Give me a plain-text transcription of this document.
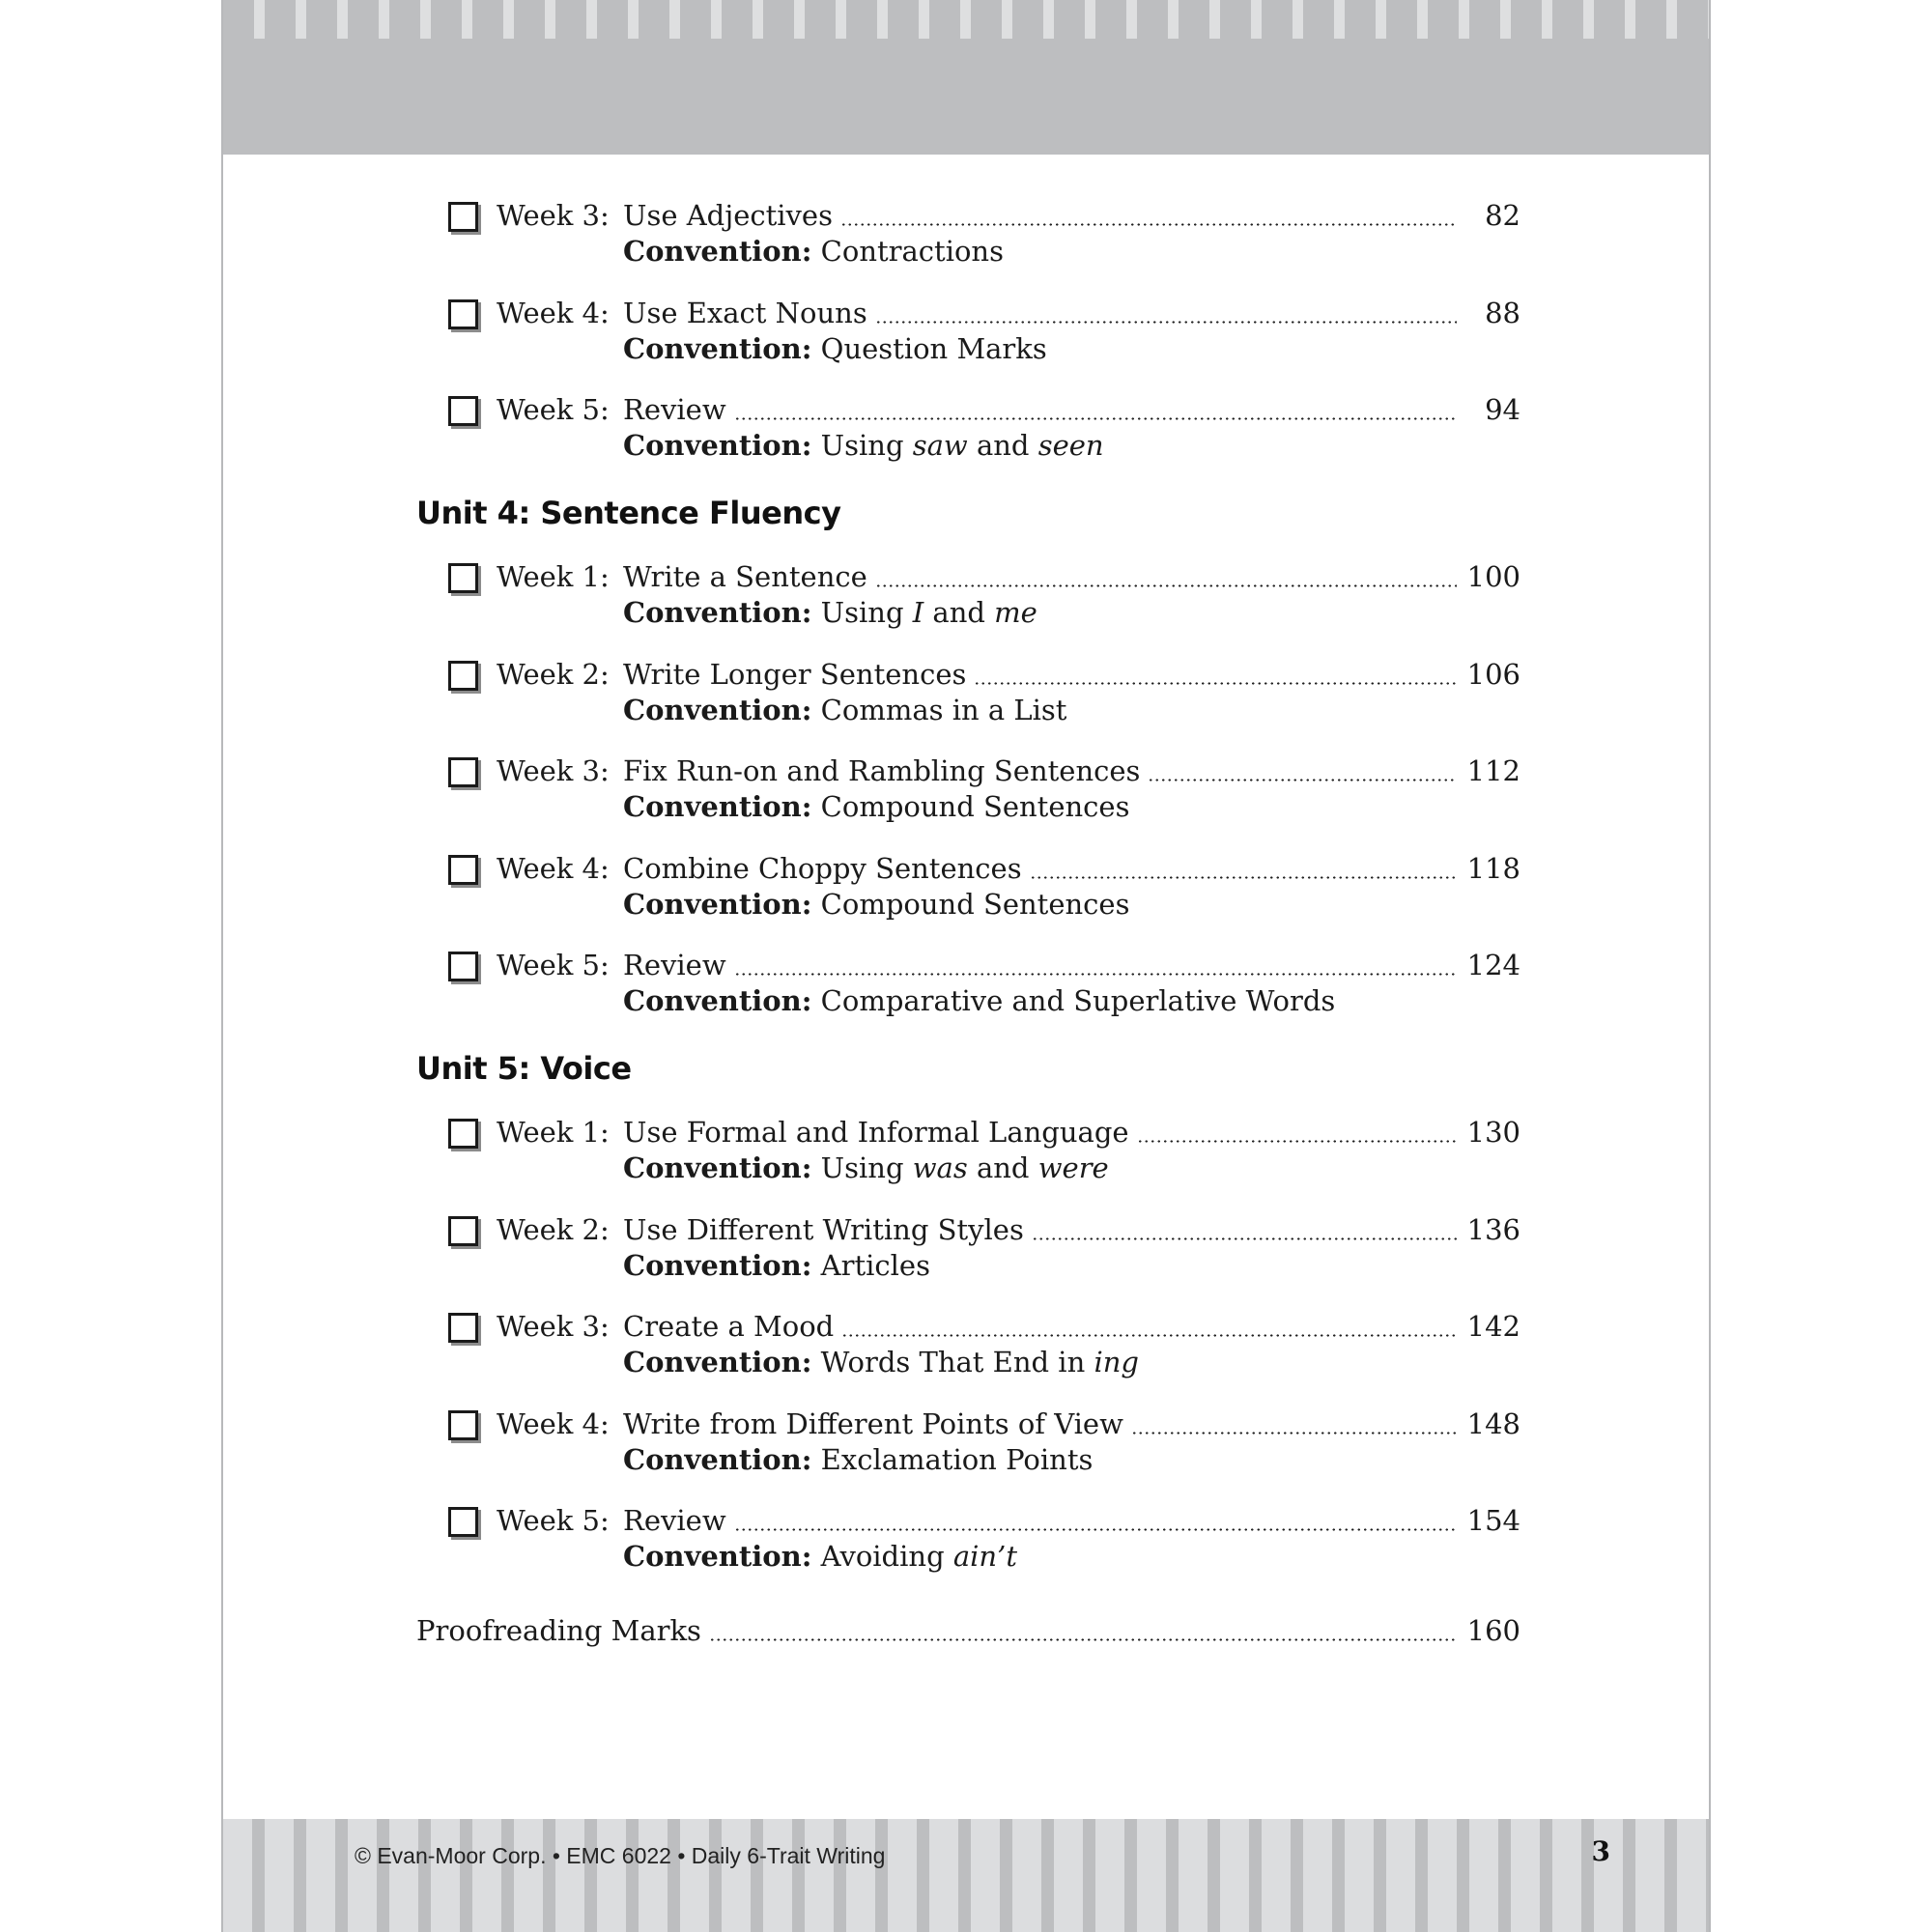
Week 3: Use Adjectives	82
Convention: Contractions
Week 4: Use Exact Nouns	88
Convention: Question Marks
Week 5: Review	94
Convention: Using saw and seen
Week 1: Write a Sentence	100
Convention: Using I and me
Week 2: Write Longer Sentences	106
Convention: Commas in a List
Week 3: Fix Run-on and Rambling Sentences	112
Convention: Compound Sentences
Week 4: Combine Choppy Sentences	118
Convention: Compound Sentences
Week 5: Review	124
Convention: Comparative and Superlative Words
Week 1: Use Formal and Informal Language	130
Convention: Using was and were
Week 2: Use Different Writing Styles	136
Convention: Articles
Week 3: Create a Mood	142
Convention: Words That End in ing
Week 4: Write from Different Points of View	148
Convention: Exclamation Points
Week 5: Review	154
Convention: Avoiding ain’t
Unit 4: Sentence Fluency
Unit 5: Voice
Proofreading Marks	160
© Evan-Moor Corp. • EMC 6022 • Daily 6-Trait Writing	3
